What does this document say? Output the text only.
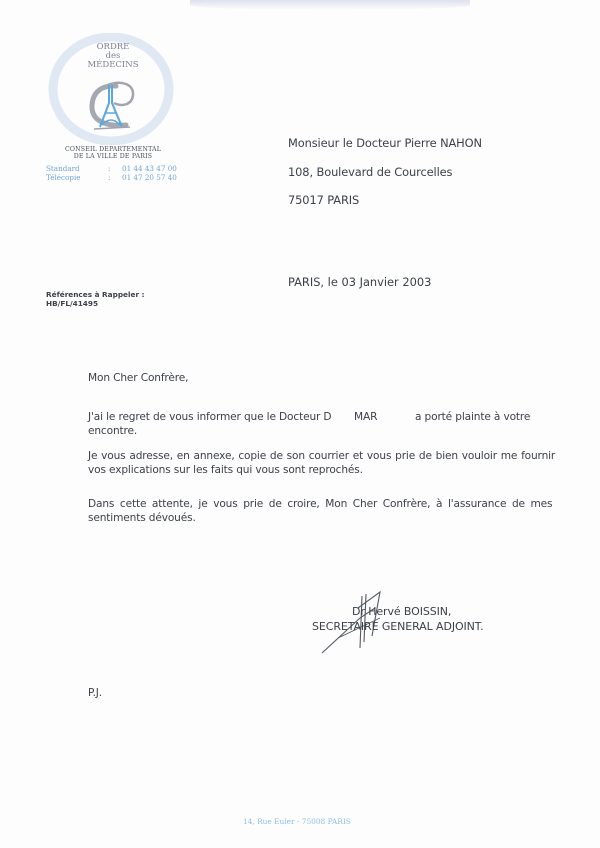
ORDRE
des
MÉDECINS
CONSEIL DEPARTEMENTAL
DE LA VILLE DE PARIS
Standard	: 01 44 43 47 00
Télécopie	: 01 47 20 57 40
Monsieur le Docteur Pierre NAHON
108, Boulevard de Courcelles
75017 PARIS
PARIS, le 03 Janvier 2003
Références à Rappeler :
HB/FL/41495
Mon Cher Confrère,
J'ai le regret de vous informer que le Docteur D MAR	a porté plainte à votre
encontre.
Je vous adresse, en annexe, copie de son courrier et vous prie de bien vouloir me fournir
vos explications sur les faits qui vous sont reprochés.
Dans cette attente, je vous prie de croire, Mon Cher Confrère, à l'assurance de mes
sentiments dévoués.
Dr Hervé BOISSIN,
SECRETAIRE GENERAL ADJOINT.
P.J.
14, Rue Euler - 75008 PARIS
